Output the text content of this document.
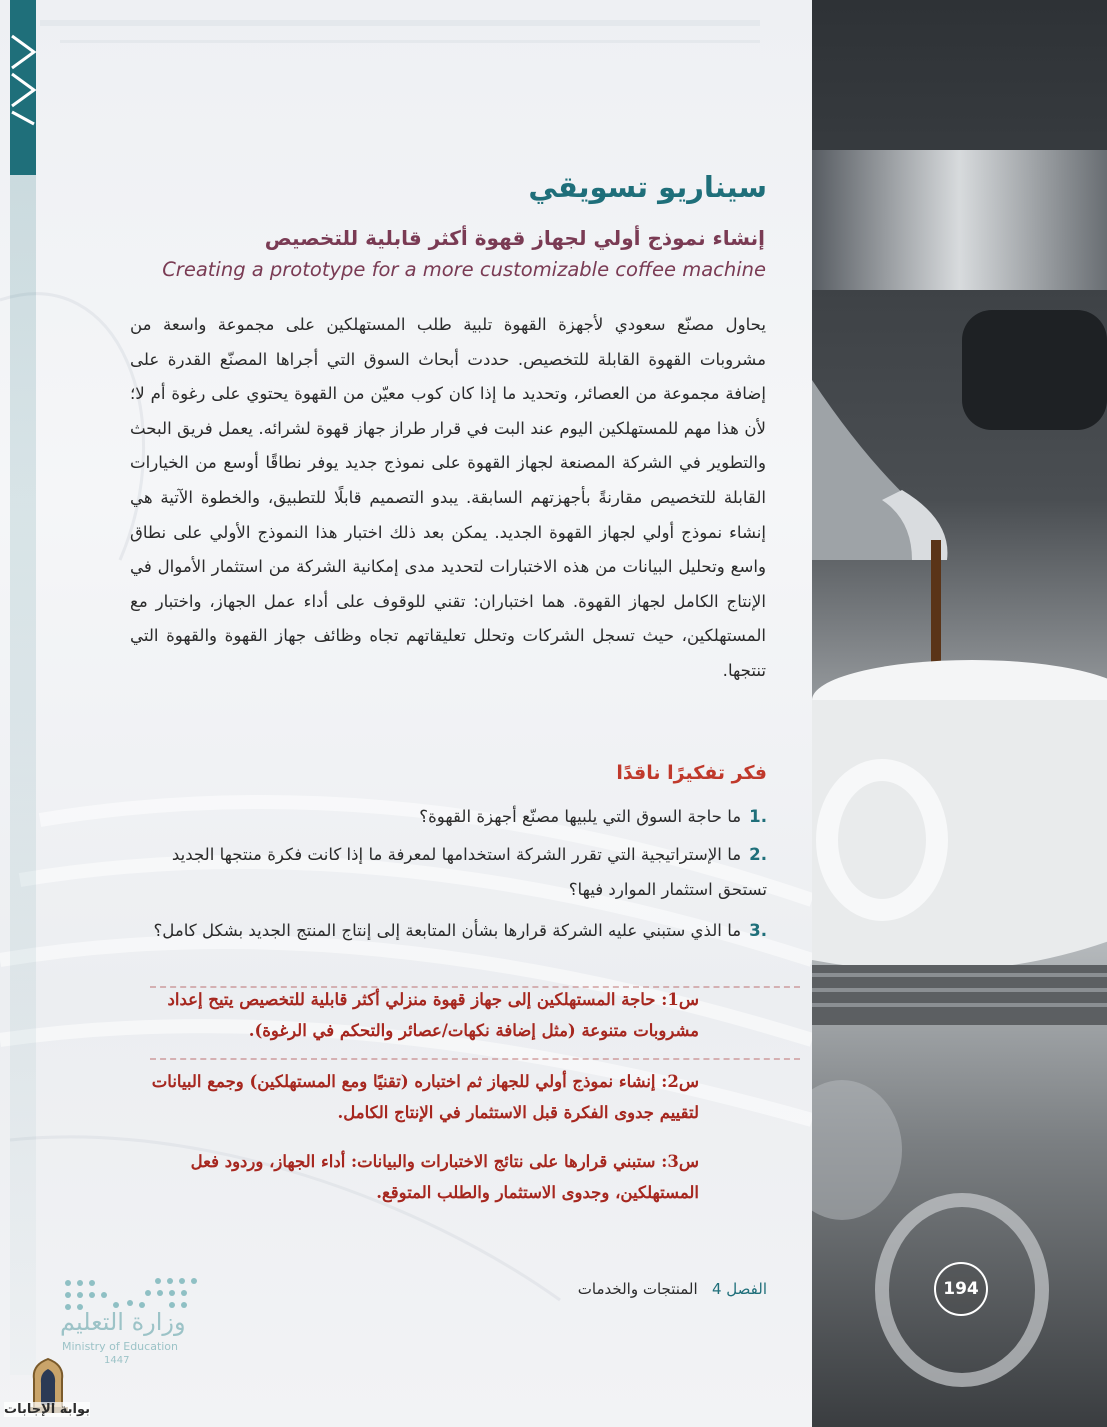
سيناريو تسويقي
إنشاء نموذج أولي لجهاز قهوة أكثر قابلية للتخصيص
Creating a prototype for a more customizable coffee machine
يحاول مصنّع سعودي لأجهزة القهوة تلبية طلب المستهلكين على مجموعة واسعة من مشروبات القهوة القابلة للتخصيص. حددت أبحاث السوق التي أجراها المصنّع القدرة على إضافة مجموعة من العصائر، وتحديد ما إذا كان كوب معيّن من القهوة يحتوي على رغوة أم لا؛ لأن هذا مهم للمستهلكين اليوم عند البت في قرار طراز جهاز قهوة لشرائه. يعمل فريق البحث والتطوير في الشركة المصنعة لجهاز القهوة على نموذج جديد يوفر نطاقًا أوسع من الخيارات القابلة للتخصيص مقارنةً بأجهزتهم السابقة. يبدو التصميم قابلًا للتطبيق، والخطوة الآتية هي إنشاء نموذج أولي لجهاز القهوة الجديد. يمكن بعد ذلك اختبار هذا النموذج الأولي على نطاق واسع وتحليل البيانات من هذه الاختبارات لتحديد مدى إمكانية الشركة من استثمار الأموال في الإنتاج الكامل لجهاز القهوة. هما اختباران: تقني للوقوف على أداء عمل الجهاز، واختبار مع المستهلكين، حيث تسجل الشركات وتحلل تعليقاتهم تجاه وظائف جهاز القهوة والقهوة التي تنتجها.
فكر تفكيرًا ناقدًا
.1ما حاجة السوق التي يلبيها مصنّع أجهزة القهوة؟
.2ما الإستراتيجية التي تقرر الشركة استخدامها لمعرفة ما إذا كانت فكرة منتجها الجديد تستحق استثمار الموارد فيها؟
.3ما الذي ستبني عليه الشركة قرارها بشأن المتابعة إلى إنتاج المنتج الجديد بشكل كامل؟
س1: حاجة المستهلكين إلى جهاز قهوة منزلي أكثر قابلية للتخصيص يتيح إعداد مشروبات متنوعة (مثل إضافة نكهات/عصائر والتحكم في الرغوة).
س2: إنشاء نموذج أولي للجهاز ثم اختباره (تقنيًا ومع المستهلكين) وجمع البيانات لتقييم جدوى الفكرة قبل الاستثمار في الإنتاج الكامل.
س3: ستبني قرارها على نتائج الاختبارات والبيانات: أداء الجهاز، وردود فعل المستهلكين، وجدوى الاستثمار والطلب المتوقع.
الفصل 4   المنتجات والخدمات	194
وزارة التعليم
Ministry of Education
1447
بوابة الإجابات
